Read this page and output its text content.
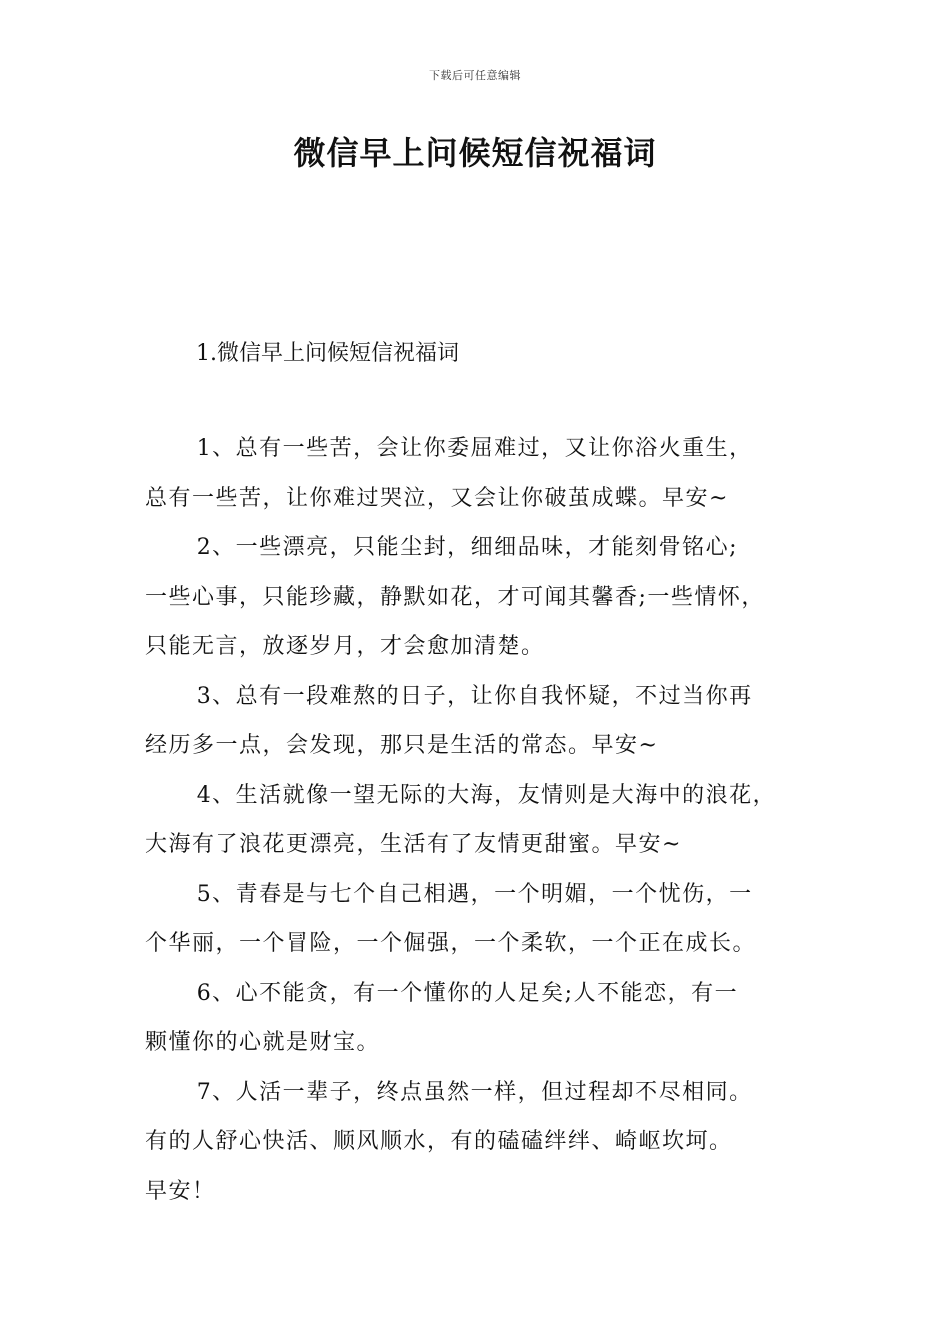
下载后可任意编辑
微信早上问候短信祝福词
1.微信早上问候短信祝福词

1、总有一些苦，会让你委屈难过，又让你浴火重生，
总有一些苦，让你难过哭泣，又会让你破茧成蝶。早安~

2、一些漂亮，只能尘封，细细品味，才能刻骨铭心;
一些心事，只能珍藏，静默如花，才可闻其馨香;一些情怀，
只能无言，放逐岁月，才会愈加清楚。

3、总有一段难熬的日子，让你自我怀疑，不过当你再
经历多一点，会发现，那只是生活的常态。早安~

4、生活就像一望无际的大海，友情则是大海中的浪花，
大海有了浪花更漂亮，生活有了友情更甜蜜。早安~

5、青春是与七个自己相遇，一个明媚，一个忧伤，一
个华丽，一个冒险，一个倔强，一个柔软，一个正在成长。

6、心不能贪，有一个懂你的人足矣;人不能恋，有一
颗懂你的心就是财宝。

7、人活一辈子，终点虽然一样，但过程却不尽相同。
有的人舒心快活、顺风顺水，有的磕磕绊绊、崎岖坎坷。
早安！
